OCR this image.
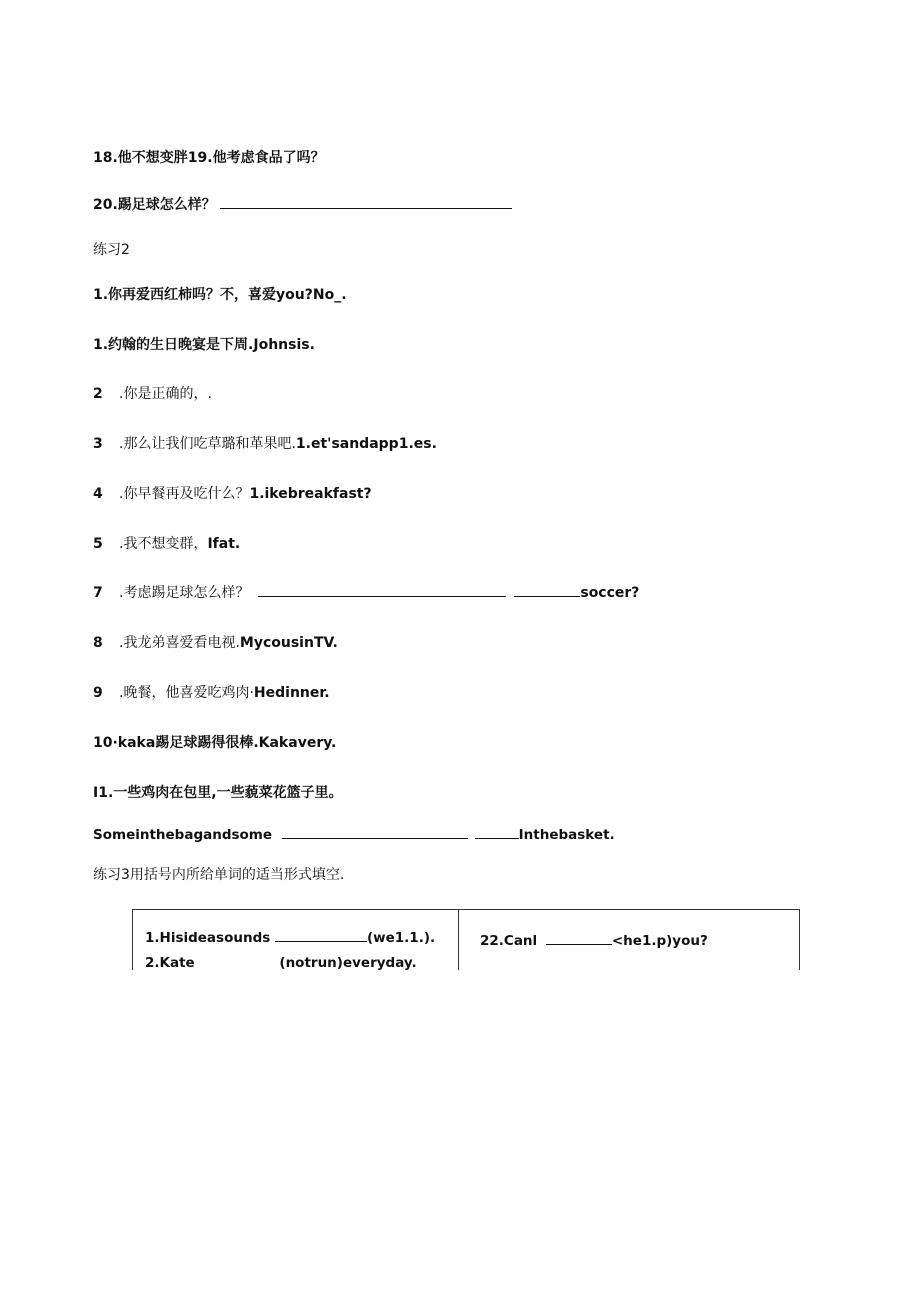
18.他不想变胖19.他考虑食品了吗？
20.踢足球怎么样？
练习2
1.你再爱西红柿吗？不，喜爱you?No_.
1.约翰的生日晚宴是下周.Johnsis.
2 .你是正确的，.
3 .那么让我们吃草璐和革果吧.1.et'sandapp1.es.
4 .你早餐再及吃什么？1.ikebreakfast?
5 .我不想变群，Ifat.
7 .考虑踢足球怎么样？	soccer?
8 .我龙弟喜爱看电视.MycousinTV.
9 .晚餐，他喜爱吃鸡肉·Hedinner.
10·kaka踢足球踢得很棒.Kakavery.
I1.一些鸡肉在包里,一些藐菜花篮子里。
Someinthebagandsome	Inthebasket.
练习3用括号内所给单词的适当形式填空.
1.Hisideasounds	(we1.1.).
2.Kate	(notrun)everyday.
22.Canl	<he1.p)you?
